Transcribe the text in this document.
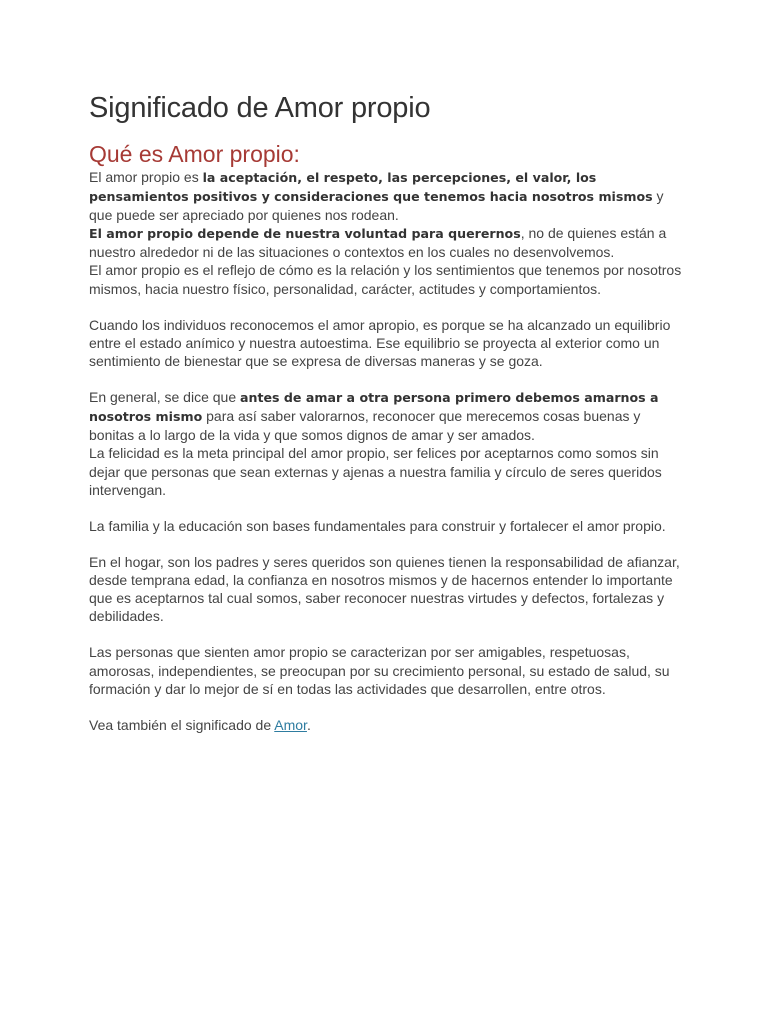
Significado de Amor propio
Qué es Amor propio:

El amor propio es la aceptación, el respeto, las percepciones, el valor, los pensamientos positivos y consideraciones que tenemos hacia nosotros mismos y que puede ser apreciado por quienes nos rodean.

El amor propio depende de nuestra voluntad para querernos, no de quienes están a nuestro alrededor ni de las situaciones o contextos en los cuales no desenvolvemos.

El amor propio es el reflejo de cómo es la relación y los sentimientos que tenemos por nosotros mismos, hacia nuestro físico, personalidad, carácter, actitudes y comportamientos.

Cuando los individuos reconocemos el amor apropio, es porque se ha alcanzado un equilibrio entre el estado anímico y nuestra autoestima. Ese equilibrio se proyecta al exterior como un sentimiento de bienestar que se expresa de diversas maneras y se goza.

En general, se dice que antes de amar a otra persona primero debemos amarnos a nosotros mismo para así saber valorarnos, reconocer que merecemos cosas buenas y bonitas a lo largo de la vida y que somos dignos de amar y ser amados.

La felicidad es la meta principal del amor propio, ser felices por aceptarnos como somos sin dejar que personas que sean externas y ajenas a nuestra familia y círculo de seres queridos intervengan.

La familia y la educación son bases fundamentales para construir y fortalecer el amor propio.

En el hogar, son los padres y seres queridos son quienes tienen la responsabilidad de afianzar, desde temprana edad, la confianza en nosotros mismos y de hacernos entender lo importante que es aceptarnos tal cual somos, saber reconocer nuestras virtudes y defectos, fortalezas y debilidades.

Las personas que sienten amor propio se caracterizan por ser amigables, respetuosas, amorosas, independientes, se preocupan por su crecimiento personal, su estado de salud, su formación y dar lo mejor de sí en todas las actividades que desarrollen, entre otros.

Vea también el significado de Amor.
